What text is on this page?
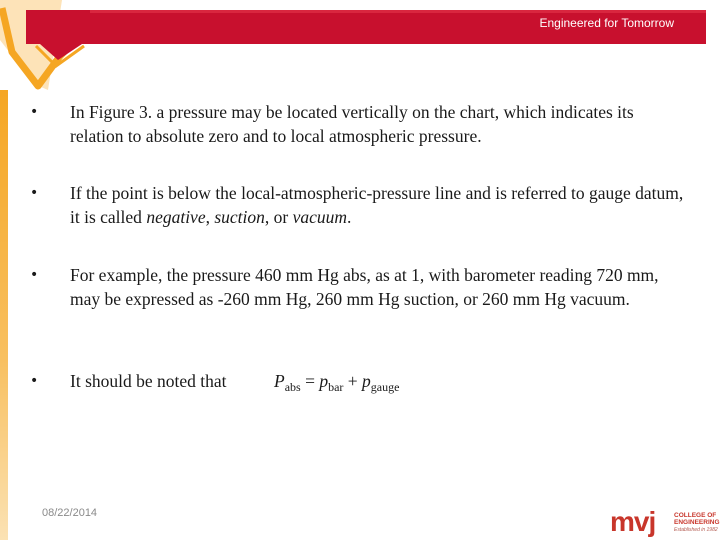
Engineered for Tomorrow
• In Figure 3. a pressure may be located vertically on the chart, which indicates its relation to absolute zero and to local atmospheric pressure.
• If the point is below the local-atmospheric-pressure line and is referred to gauge datum, it is called negative, suction, or vacuum.
• For example, the pressure 460 mm Hg abs, as at 1, with barometer reading 720 mm, may be expressed as -260 mm Hg, 260 mm Hg suction, or 260 mm Hg vacuum.
• It should be noted that	$P_{abs} = p_{bar} + p_{gauge}$
08/22/2014	mvj	COLLEGE OF
ENGINEERING
Established in 1982
